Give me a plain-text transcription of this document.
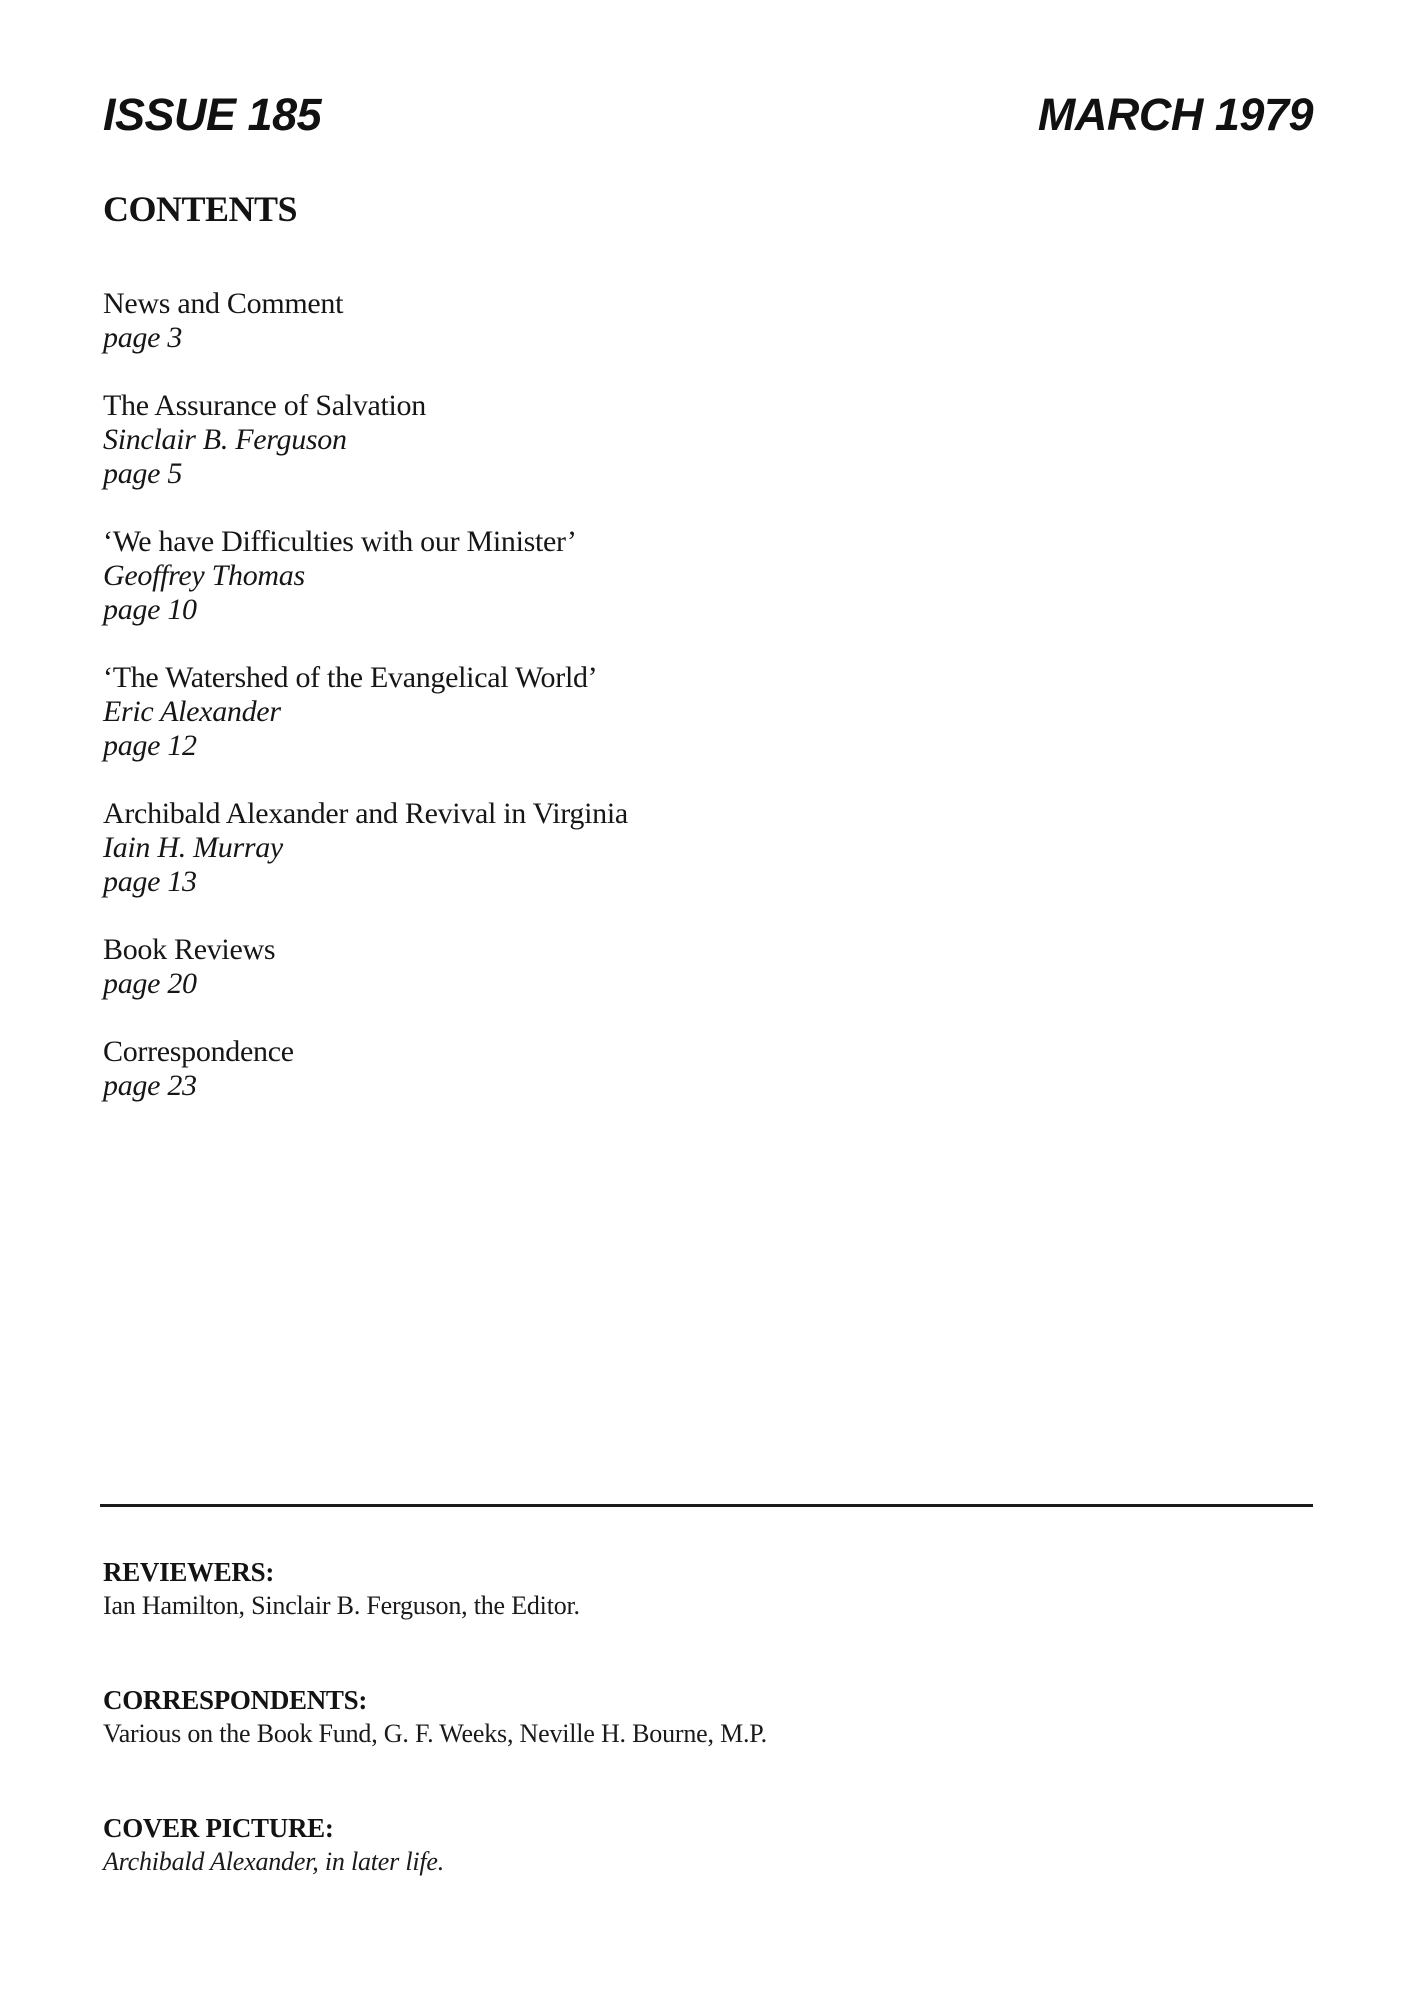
ISSUE 185	MARCH 1979
CONTENTS
News and Comment
page 3
The Assurance of Salvation
Sinclair B. Ferguson
page 5
‘We have Difficulties with our Minister’
Geoffrey Thomas
page 10
‘The Watershed of the Evangelical World’
Eric Alexander
page 12
Archibald Alexander and Revival in Virginia
Iain H. Murray
page 13
Book Reviews
page 20
Correspondence
page 23
REVIEWERS:
Ian Hamilton, Sinclair B. Ferguson, the Editor.
CORRESPONDENTS:
Various on the Book Fund, G. F. Weeks, Neville H. Bourne, M.P.
COVER PICTURE:
Archibald Alexander, in later life.
